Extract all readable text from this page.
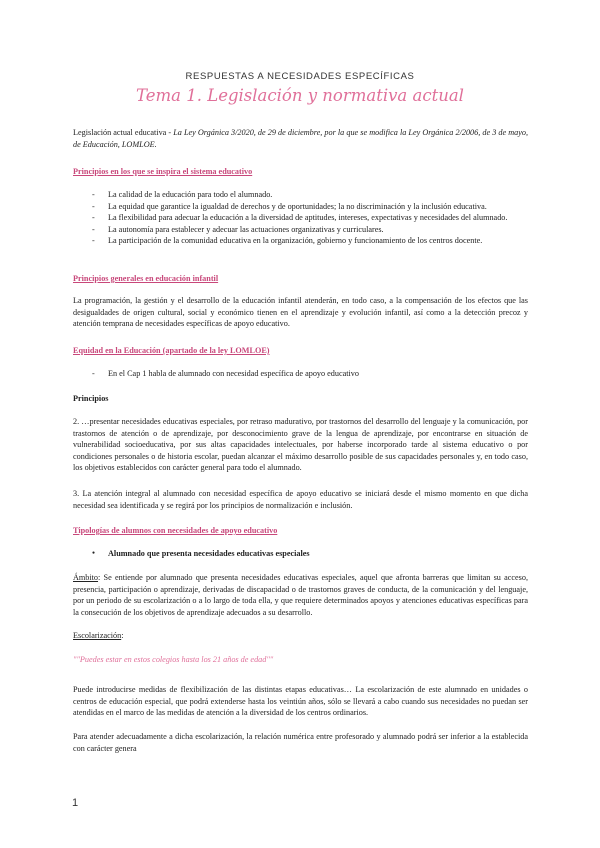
RESPUESTAS A NECESIDADES ESPECÍFICAS
Tema 1. Legislación y normativa actual
Legislación actual educativa - La Ley Orgánica 3/2020, de 29 de diciembre, por la que se modifica la Ley Orgánica 2/2006, de 3 de mayo, de Educación, LOMLOE.
Principios en los que se inspira el sistema educativo
- La calidad de la educación para todo el alumnado.
- La equidad que garantice la igualdad de derechos y de oportunidades; la no discriminación y la inclusión educativa.
- La flexibilidad para adecuar la educación a la diversidad de aptitudes, intereses, expectativas y necesidades del alumnado.
- La autonomía para establecer y adecuar las actuaciones organizativas y curriculares.
- La participación de la comunidad educativa en la organización, gobierno y funcionamiento de los centros docente.
Principios generales en educación infantil
La programación, la gestión y el desarrollo de la educación infantil atenderán, en todo caso, a la compensación de los efectos que las desigualdades de origen cultural, social y económico tienen en el aprendizaje y evolución infantil, así como a la detección precoz y atención temprana de necesidades específicas de apoyo educativo.
Equidad en la Educación (apartado de la ley LOMLOE)
- En el Cap 1 habla de alumnado con necesidad específica de apoyo educativo
Principios
2. …presentar necesidades educativas especiales, por retraso madurativo, por trastornos del desarrollo del lenguaje y la comunicación, por trastornos de atención o de aprendizaje, por desconocimiento grave de la lengua de aprendizaje, por encontrarse en situación de vulnerabilidad socioeducativa, por sus altas capacidades intelectuales, por haberse incorporado tarde al sistema educativo o por condiciones personales o de historia escolar, puedan alcanzar el máximo desarrollo posible de sus capacidades personales y, en todo caso, los objetivos establecidos con carácter general para todo el alumnado.
3. La atención integral al alumnado con necesidad específica de apoyo educativo se iniciará desde el mismo momento en que dicha necesidad sea identificada y se regirá por los principios de normalización e inclusión.
Tipologías de alumnos con necesidades de apoyo educativo
● Alumnado que presenta necesidades educativas especiales
Ámbito: Se entiende por alumnado que presenta necesidades educativas especiales, aquel que afronta barreras que limitan su acceso, presencia, participación o aprendizaje, derivadas de discapacidad o de trastornos graves de conducta, de la comunicación y del lenguaje, por un periodo de su escolarización o a lo largo de toda ella, y que requiere determinados apoyos y atenciones educativas específicas para la consecución de los objetivos de aprendizaje adecuados a su desarrollo.
Escolarización:
""Puedes estar en estos colegios hasta los 21 años de edad""
Puede introducirse medidas de flexibilización de las distintas etapas educativas… La escolarización de este alumnado en unidades o centros de educación especial, que podrá extenderse hasta los veintiún años, sólo se llevará a cabo cuando sus necesidades no puedan ser atendidas en el marco de las medidas de atención a la diversidad de los centros ordinarios.
Para atender adecuadamente a dicha escolarización, la relación numérica entre profesorado y alumnado podrá ser inferior a la establecida con carácter genera
1
